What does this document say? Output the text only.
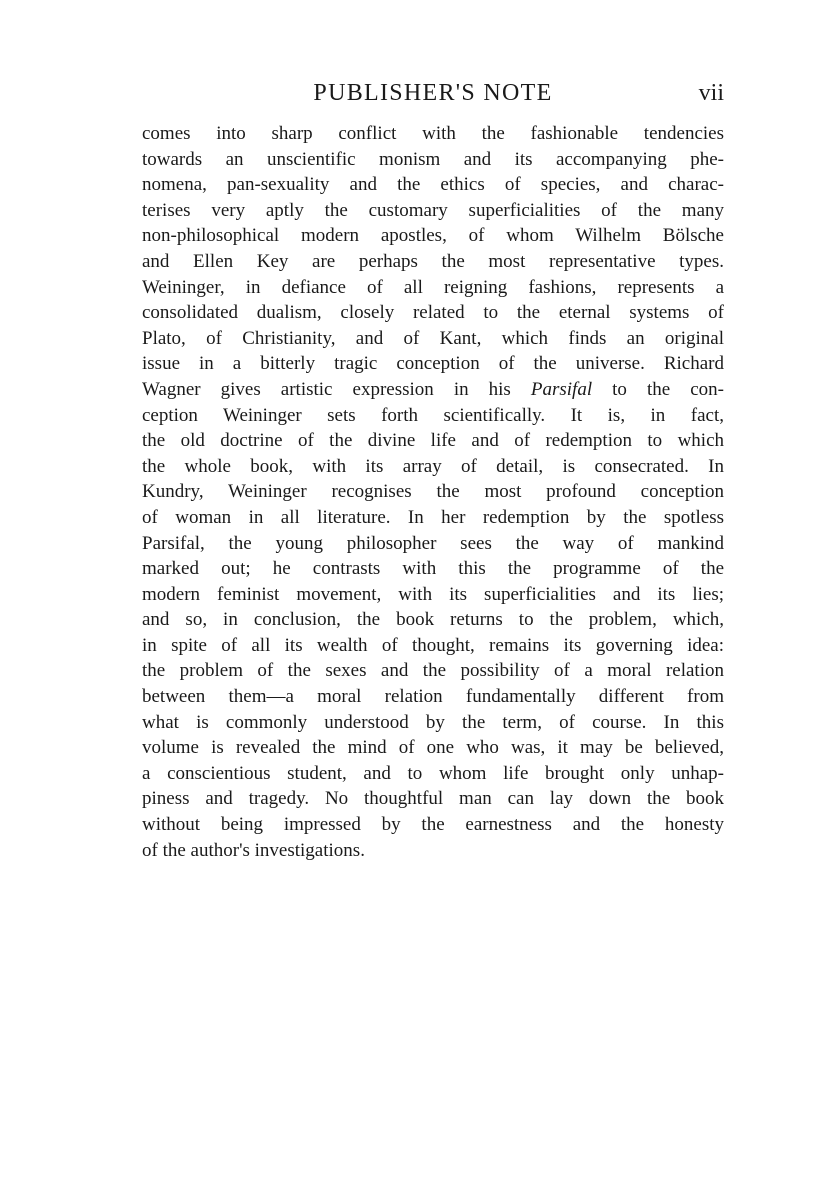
PUBLISHER'S NOTE	vii
comes into sharp conflict with the fashionable tendencies
towards an unscientific monism and its accompanying phe-
nomena, pan-sexuality and the ethics of species, and charac-
terises very aptly the customary superficialities of the many
non-philosophical modern apostles, of whom Wilhelm Bölsche
and Ellen Key are perhaps the most representative types.
Weininger, in defiance of all reigning fashions, represents a
consolidated dualism, closely related to the eternal systems of
Plato, of Christianity, and of Kant, which finds an original
issue in a bitterly tragic conception of the universe. Richard
Wagner gives artistic expression in his Parsifal to the con-
ception Weininger sets forth scientifically. It is, in fact,
the old doctrine of the divine life and of redemption to which
the whole book, with its array of detail, is consecrated. In
Kundry, Weininger recognises the most profound conception
of woman in all literature. In her redemption by the spotless
Parsifal, the young philosopher sees the way of mankind
marked out; he contrasts with this the programme of the
modern feminist movement, with its superficialities and its lies;
and so, in conclusion, the book returns to the problem, which,
in spite of all its wealth of thought, remains its governing idea:
the problem of the sexes and the possibility of a moral relation
between them—a moral relation fundamentally different from
what is commonly understood by the term, of course. In this
volume is revealed the mind of one who was, it may be believed,
a conscientious student, and to whom life brought only unhap-
piness and tragedy. No thoughtful man can lay down the book
without being impressed by the earnestness and the honesty
of the author's investigations.
